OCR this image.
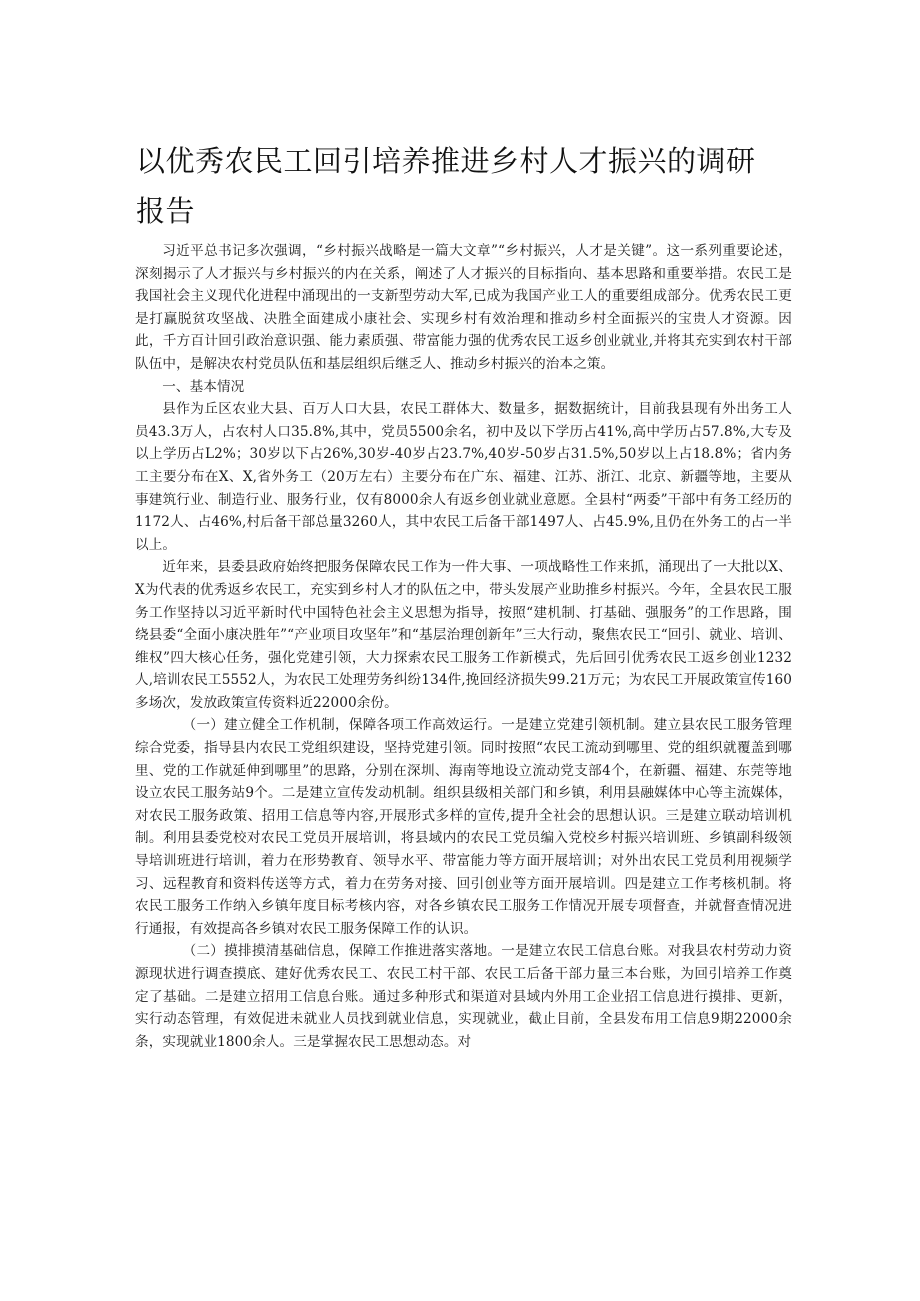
以优秀农民工回引培养推进乡村人才振兴的调研报告

习近平总书记多次强调，“乡村振兴战略是一篇大文章”“乡村振兴，人才是关键”。这一系列重要论述，深刻揭示了人才振兴与乡村振兴的内在关系，阐述了人才振兴的目标指向、基本思路和重要举措。农民工是我国社会主义现代化进程中涌现出的一支新型劳动大军,已成为我国产业工人的重要组成部分。优秀农民工更是打赢脱贫攻坚战、决胜全面建成小康社会、实现乡村有效治理和推动乡村全面振兴的宝贵人才资源。因此，千方百计回引政治意识强、能力素质强、带富能力强的优秀农民工返乡创业就业,并将其充实到农村干部队伍中，是解决农村党员队伍和基层组织后继乏人、推动乡村振兴的治本之策。

一、基本情况

县作为丘区农业大县、百万人口大县，农民工群体大、数量多，据数据统计，目前我县现有外出务工人员43.3万人，占农村人口35.8%,其中，党员5500余名，初中及以下学历占41%,高中学历占57.8%,大专及以上学历占L2%；30岁以下占26%,30岁-40岁占23.7%,40岁-50岁占31.5%,50岁以上占18.8%；省内务工主要分布在X、X,省外务工（20万左右）主要分布在广东、福建、江苏、浙江、北京、新疆等地，主要从事建筑行业、制造行业、服务行业，仅有8000余人有返乡创业就业意愿。全县村“两委”干部中有务工经历的1172人、占46%,村后备干部总量3260人，其中农民工后备干部1497人、占45.9%,且仍在外务工的占一半以上。

近年来，县委县政府始终把服务保障农民工作为一件大事、一项战略性工作来抓，涌现出了一大批以X、X为代表的优秀返乡农民工，充实到乡村人才的队伍之中，带头发展产业助推乡村振兴。今年，全县农民工服务工作坚持以习近平新时代中国特色社会主义思想为指导，按照“建机制、打基础、强服务”的工作思路，围绕县委“全面小康决胜年”“产业项目攻坚年”和“基层治理创新年”三大行动，聚焦农民工“回引、就业、培训、维权”四大核心任务，强化党建引领，大力探索农民工服务工作新模式，先后回引优秀农民工返乡创业1232人,培训农民工5552人，为农民工处理劳务纠纷134件,挽回经济损失99.21万元；为农民工开展政策宣传160多场次，发放政策宣传资料近22000余份。

（一）建立健全工作机制，保障各项工作高效运行。一是建立党建引领机制。建立县农民工服务管理综合党委，指导县内农民工党组织建设，坚持党建引领。同时按照“农民工流动到哪里、党的组织就覆盖到哪里、党的工作就延伸到哪里”的思路，分别在深圳、海南等地设立流动党支部4个，在新疆、福建、东莞等地设立农民工服务站9个。二是建立宣传发动机制。组织县级相关部门和乡镇，利用县融媒体中心等主流媒体，对农民工服务政策、招用工信息等内容,开展形式多样的宣传,提升全社会的思想认识。三是建立联动培训机制。利用县委党校对农民工党员开展培训，将县域内的农民工党员编入党校乡村振兴培训班、乡镇副科级领导培训班进行培训，着力在形势教育、领导水平、带富能力等方面开展培训；对外出农民工党员利用视频学习、远程教育和资料传送等方式，着力在劳务对接、回引创业等方面开展培训。四是建立工作考核机制。将农民工服务工作纳入乡镇年度目标考核内容，对各乡镇农民工服务工作情况开展专项督查，并就督查情况进行通报，有效提高各乡镇对农民工服务保障工作的认识。

（二）摸排摸清基础信息，保障工作推进落实落地。一是建立农民工信息台账。对我县农村劳动力资源现状进行调查摸底、建好优秀农民工、农民工村干部、农民工后备干部力量三本台账，为回引培养工作奠定了基础。二是建立招用工信息台账。通过多种形式和渠道对县域内外用工企业招工信息进行摸排、更新，实行动态管理，有效促进未就业人员找到就业信息，实现就业，截止目前，全县发布用工信息9期22000余条，实现就业1800余人。三是掌握农民工思想动态。对
